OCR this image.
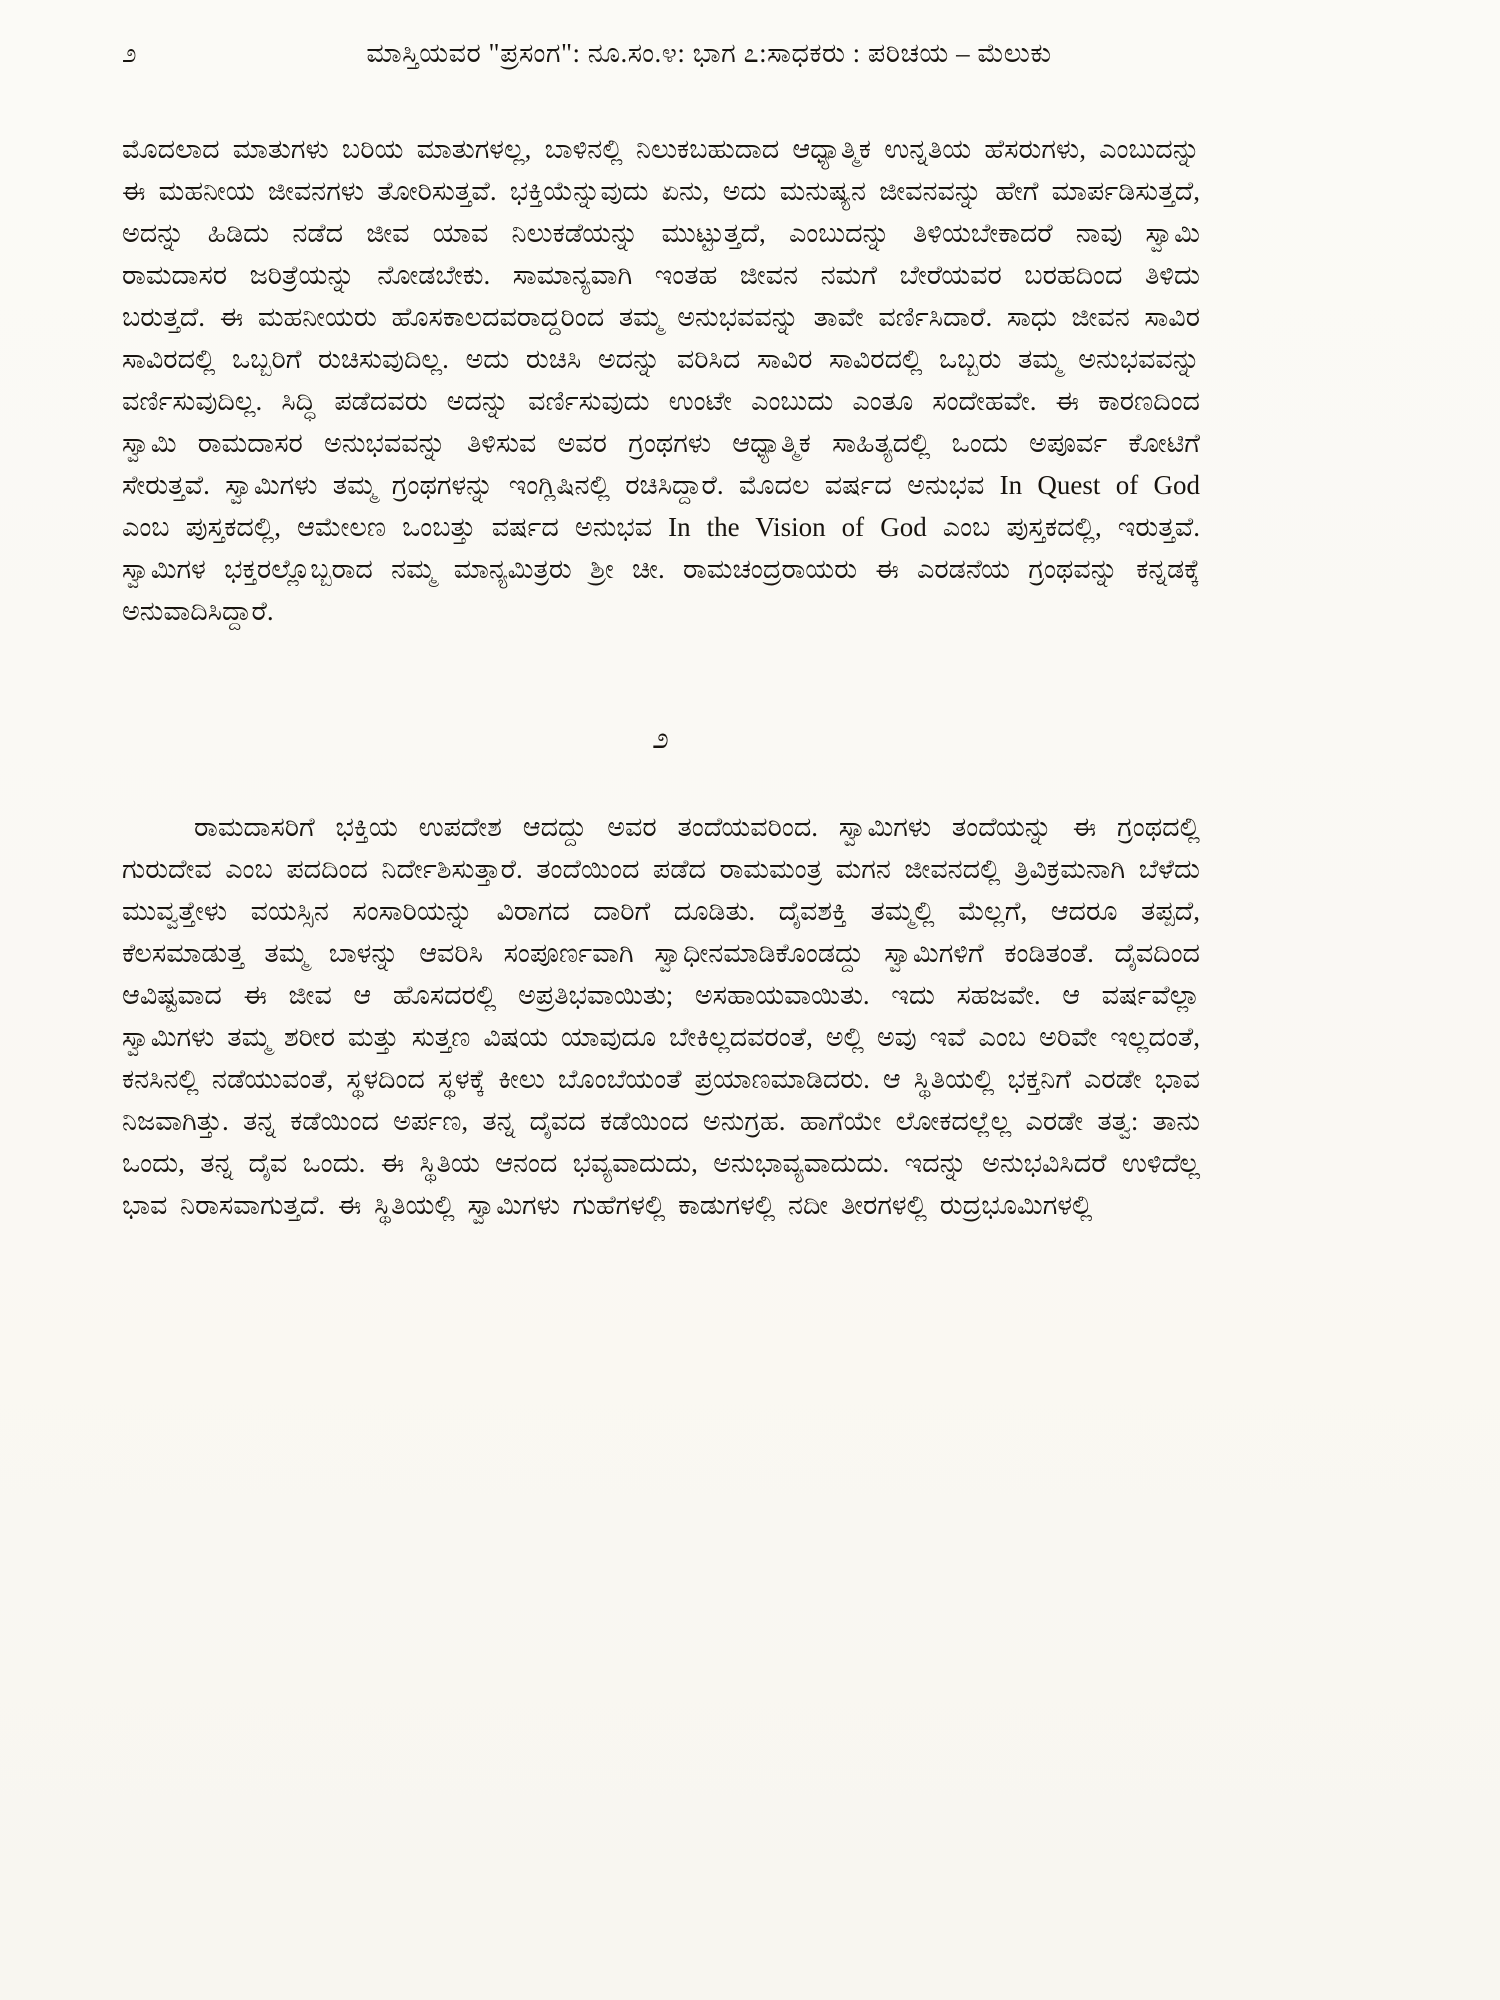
೨	ಮಾಸ್ತಿಯವರ "ಪ್ರಸಂಗ": ನೂ.ಸಂ.೪: ಭಾಗ ೭:ಸಾಧಕರು : ಪರಿಚಯ – ಮೆಲುಕು

ಮೊದಲಾದ ಮಾತುಗಳು ಬರಿಯ ಮಾತುಗಳಲ್ಲ, ಬಾಳಿನಲ್ಲಿ ನಿಲುಕಬಹುದಾದ ಆಧ್ಯಾತ್ಮಿಕ ಉನ್ನತಿಯ ಹೆಸರುಗಳು, ಎಂಬುದನ್ನು ಈ ಮಹನೀಯ ಜೀವನಗಳು ತೋರಿಸುತ್ತವೆ. ಭಕ್ತಿಯೆನ್ನುವುದು ಏನು, ಅದು ಮನುಷ್ಯನ ಜೀವನವನ್ನು ಹೇಗೆ ಮಾರ್ಪಡಿಸುತ್ತದೆ, ಅದನ್ನು ಹಿಡಿದು ನಡೆದ ಜೀವ ಯಾವ ನಿಲುಕಡೆಯನ್ನು ಮುಟ್ಟುತ್ತದೆ, ಎಂಬುದನ್ನು ತಿಳಿಯಬೇಕಾದರೆ ನಾವು ಸ್ವಾಮಿ ರಾಮದಾಸರ ಜರಿತ್ರೆಯನ್ನು ನೋಡಬೇಕು. ಸಾಮಾನ್ಯವಾಗಿ ಇಂತಹ ಜೀವನ ನಮಗೆ ಬೇರೆಯವರ ಬರಹದಿಂದ ತಿಳಿದು ಬರುತ್ತದೆ. ಈ ಮಹನೀಯರು ಹೊಸಕಾಲದವರಾದ್ದರಿಂದ ತಮ್ಮ ಅನುಭವವನ್ನು ತಾವೇ ವರ್ಣಿಸಿದಾರೆ. ಸಾಧು ಜೀವನ ಸಾವಿರ ಸಾವಿರದಲ್ಲಿ ಒಬ್ಬರಿಗೆ ರುಚಿಸುವುದಿಲ್ಲ. ಅದು ರುಚಿಸಿ ಅದನ್ನು ವರಿಸಿದ ಸಾವಿರ ಸಾವಿರದಲ್ಲಿ ಒಬ್ಬರು ತಮ್ಮ ಅನುಭವವನ್ನು ವರ್ಣಿಸುವುದಿಲ್ಲ. ಸಿದ್ಧಿ ಪಡೆದವರು ಅದನ್ನು ವರ್ಣಿಸುವುದು ಉಂಟೇ ಎಂಬುದು ಎಂತೂ ಸಂದೇಹವೇ. ಈ ಕಾರಣದಿಂದ ಸ್ವಾಮಿ ರಾಮದಾಸರ ಅನುಭವವನ್ನು ತಿಳಿಸುವ ಅವರ ಗ್ರಂಥಗಳು ಆಧ್ಯಾತ್ಮಿಕ ಸಾಹಿತ್ಯದಲ್ಲಿ ಒಂದು ಅಪೂರ್ವ ಕೋಟಿಗೆ ಸೇರುತ್ತವೆ. ಸ್ವಾಮಿಗಳು ತಮ್ಮ ಗ್ರಂಥಗಳನ್ನು ಇಂಗ್ಲಿಷಿನಲ್ಲಿ ರಚಿಸಿದ್ದಾರೆ. ಮೊದಲ ವರ್ಷದ ಅನುಭವ In Quest of God ಎಂಬ ಪುಸ್ತಕದಲ್ಲಿ, ಆಮೇಲಣ ಒಂಬತ್ತು ವರ್ಷದ ಅನುಭವ In the Vision of God ಎಂಬ ಪುಸ್ತಕದಲ್ಲಿ, ಇರುತ್ತವೆ. ಸ್ವಾಮಿಗಳ ಭಕ್ತರಲ್ಲೊಬ್ಬರಾದ ನಮ್ಮ ಮಾನ್ಯಮಿತ್ರರು ಶ್ರೀ ಚೀ. ರಾಮಚಂದ್ರರಾಯರು ಈ ಎರಡನೆಯ ಗ್ರಂಥವನ್ನು ಕನ್ನಡಕ್ಕೆ ಅನುವಾದಿಸಿದ್ದಾರೆ.

೨

ರಾಮದಾಸರಿಗೆ ಭಕ್ತಿಯ ಉಪದೇಶ ಆದದ್ದು ಅವರ ತಂದೆಯವರಿಂದ. ಸ್ವಾಮಿಗಳು ತಂದೆಯನ್ನು ಈ ಗ್ರಂಥದಲ್ಲಿ ಗುರುದೇವ ಎಂಬ ಪದದಿಂದ ನಿರ್ದೇಶಿಸುತ್ತಾರೆ. ತಂದೆಯಿಂದ ಪಡೆದ ರಾಮಮಂತ್ರ ಮಗನ ಜೀವನದಲ್ಲಿ ತ್ರಿವಿಕ್ರಮನಾಗಿ ಬೆಳೆದು ಮುವ್ವತ್ತೇಳು ವಯಸ್ಸಿನ ಸಂಸಾರಿಯನ್ನು ವಿರಾಗದ ದಾರಿಗೆ ದೂಡಿತು. ದೈವಶಕ್ತಿ ತಮ್ಮಲ್ಲಿ ಮೆಲ್ಲಗೆ, ಆದರೂ ತಪ್ಪದೆ, ಕೆಲಸಮಾಡುತ್ತ ತಮ್ಮ ಬಾಳನ್ನು ಆವರಿಸಿ ಸಂಪೂರ್ಣವಾಗಿ ಸ್ವಾಧೀನಮಾಡಿಕೊಂಡದ್ದು ಸ್ವಾಮಿಗಳಿಗೆ ಕಂಡಿತಂತೆ. ದೈವದಿಂದ ಆವಿಷ್ಟವಾದ ಈ ಜೀವ ಆ ಹೊಸದರಲ್ಲಿ ಅಪ್ರತಿಭವಾಯಿತು; ಅಸಹಾಯವಾಯಿತು. ಇದು ಸಹಜವೇ. ಆ ವರ್ಷವೆಲ್ಲಾ ಸ್ವಾಮಿಗಳು ತಮ್ಮ ಶರೀರ ಮತ್ತು ಸುತ್ತಣ ವಿಷಯ ಯಾವುದೂ ಬೇಕಿಲ್ಲದವರಂತೆ, ಅಲ್ಲಿ ಅವು ಇವೆ ಎಂಬ ಅರಿವೇ ಇಲ್ಲದಂತೆ, ಕನಸಿನಲ್ಲಿ ನಡೆಯುವಂತೆ, ಸ್ಥಳದಿಂದ ಸ್ಥಳಕ್ಕೆ ಕೀಲು ಬೊಂಬೆಯಂತೆ ಪ್ರಯಾಣಮಾಡಿದರು. ಆ ಸ್ಥಿತಿಯಲ್ಲಿ ಭಕ್ತನಿಗೆ ಎರಡೇ ಭಾವ ನಿಜವಾಗಿತ್ತು. ತನ್ನ ಕಡೆಯಿಂದ ಅರ್ಪಣ, ತನ್ನ ದೈವದ ಕಡೆಯಿಂದ ಅನುಗ್ರಹ. ಹಾಗೆಯೇ ಲೋಕದಲ್ಲೆಲ್ಲ ಎರಡೇ ತತ್ವ: ತಾನು ಒಂದು, ತನ್ನ ದೈವ ಒಂದು. ಈ ಸ್ಥಿತಿಯ ಆನಂದ ಭವ್ಯವಾದುದು, ಅನುಭಾವ್ಯವಾದುದು. ಇದನ್ನು ಅನುಭವಿಸಿದರೆ ಉಳಿದೆಲ್ಲ ಭಾವ ನಿರಾಸವಾಗುತ್ತದೆ. ಈ ಸ್ಥಿತಿಯಲ್ಲಿ ಸ್ವಾಮಿಗಳು ಗುಹೆಗಳಲ್ಲಿ ಕಾಡುಗಳಲ್ಲಿ ನದೀ ತೀರಗಳಲ್ಲಿ ರುದ್ರಭೂಮಿಗಳಲ್ಲಿ
